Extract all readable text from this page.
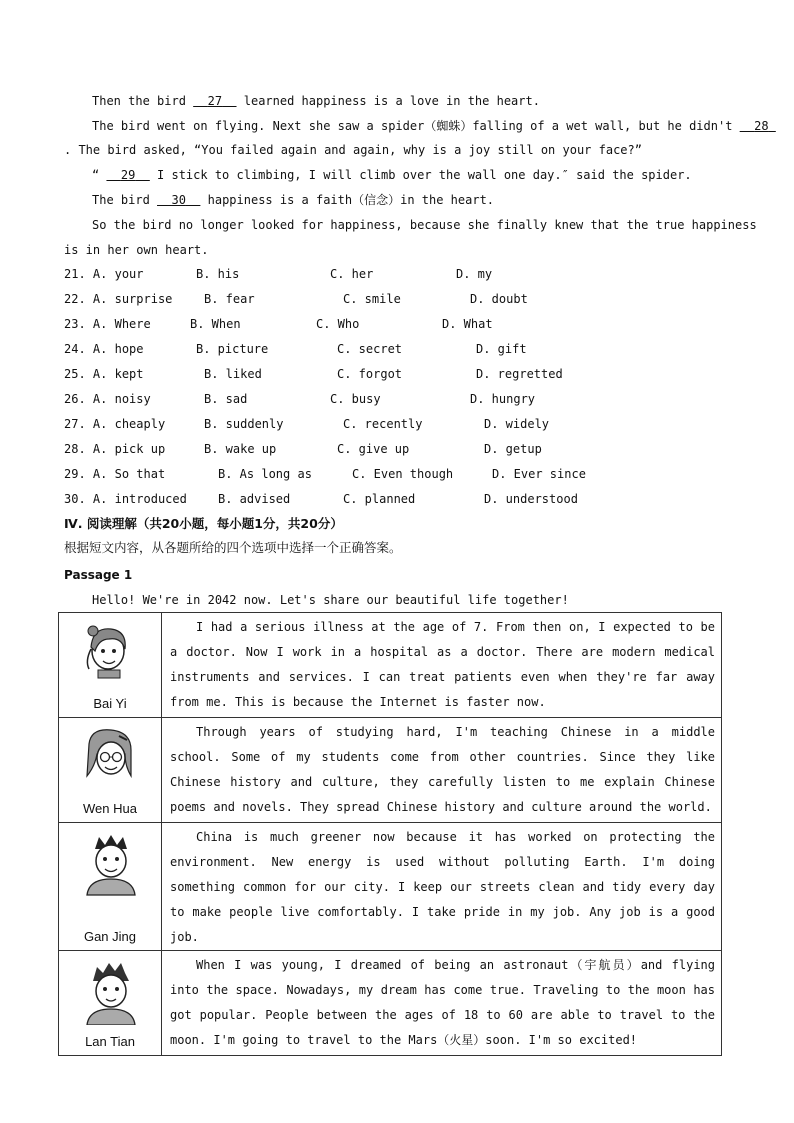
Then the bird   27   learned happiness is a love in the heart.
The bird went on flying. Next she saw a spider（蜘蛛）falling of a wet wall, but he didn't   28
. The bird asked, “You failed again and again, why is a joy still on your face?”
“   29   I stick to climbing, I will climb over the wall one day.″ said the spider.
The bird   30   happiness is a faith（信念）in the heart.
So the bird no longer looked for happiness, because she finally knew that the true happiness
is in her own heart.
21. A. your	B. his	C. her	D. my
22. A. surprise	B. fear	C. smile	D. doubt
23. A. Where	B. When	C. Who	D. What
24. A. hope	B. picture	C. secret	D. gift
25. A. kept	B. liked	C. forgot	D. regretted
26. A. noisy	B. sad	C. busy	D. hungry
27. A. cheaply	B. suddenly	C. recently	D. widely
28. A. pick up	B. wake up	C. give up	D. getup
29. A. So that	B. As long as	C. Even though	D. Ever since
30. A. introduced	B. advised	C. planned	D. understood
Ⅳ. 阅读理解（共20小题，每小题1分，共20分）
根据短文内容，从各题所给的四个选项中选择一个正确答案。
Passage 1
Hello! We're in 2042 now. Let's share our beautiful life together!
Bai Yi	I had a serious illness at the age of 7. From then on, I expected to be a doctor. Now I work in a hospital as a doctor. There are modern medical instruments and services. I can treat patients even when they're far away from me. This is because the Internet is faster now.

Wen Hua	Through years of studying hard, I'm teaching Chinese in a middle school. Some of my students come from other countries. Since they like Chinese history and culture, they carefully listen to me explain Chinese poems and novels. They spread Chinese history and culture around the world.

Gan Jing	China is much greener now because it has worked on protecting the environment. New energy is used without polluting Earth. I'm doing something common for our city. I keep our streets clean and tidy every day to make people live comfortably. I take pride in my job. Any job is a good job.

Lan Tian	When I was young, I dreamed of being an astronaut（宇航员）and flying into the space. Nowadays, my dream has come true. Traveling to the moon has got popular. People between the ages of 18 to 60 are able to travel to the moon. I'm going to travel to the Mars（火星）soon. I'm so excited!
